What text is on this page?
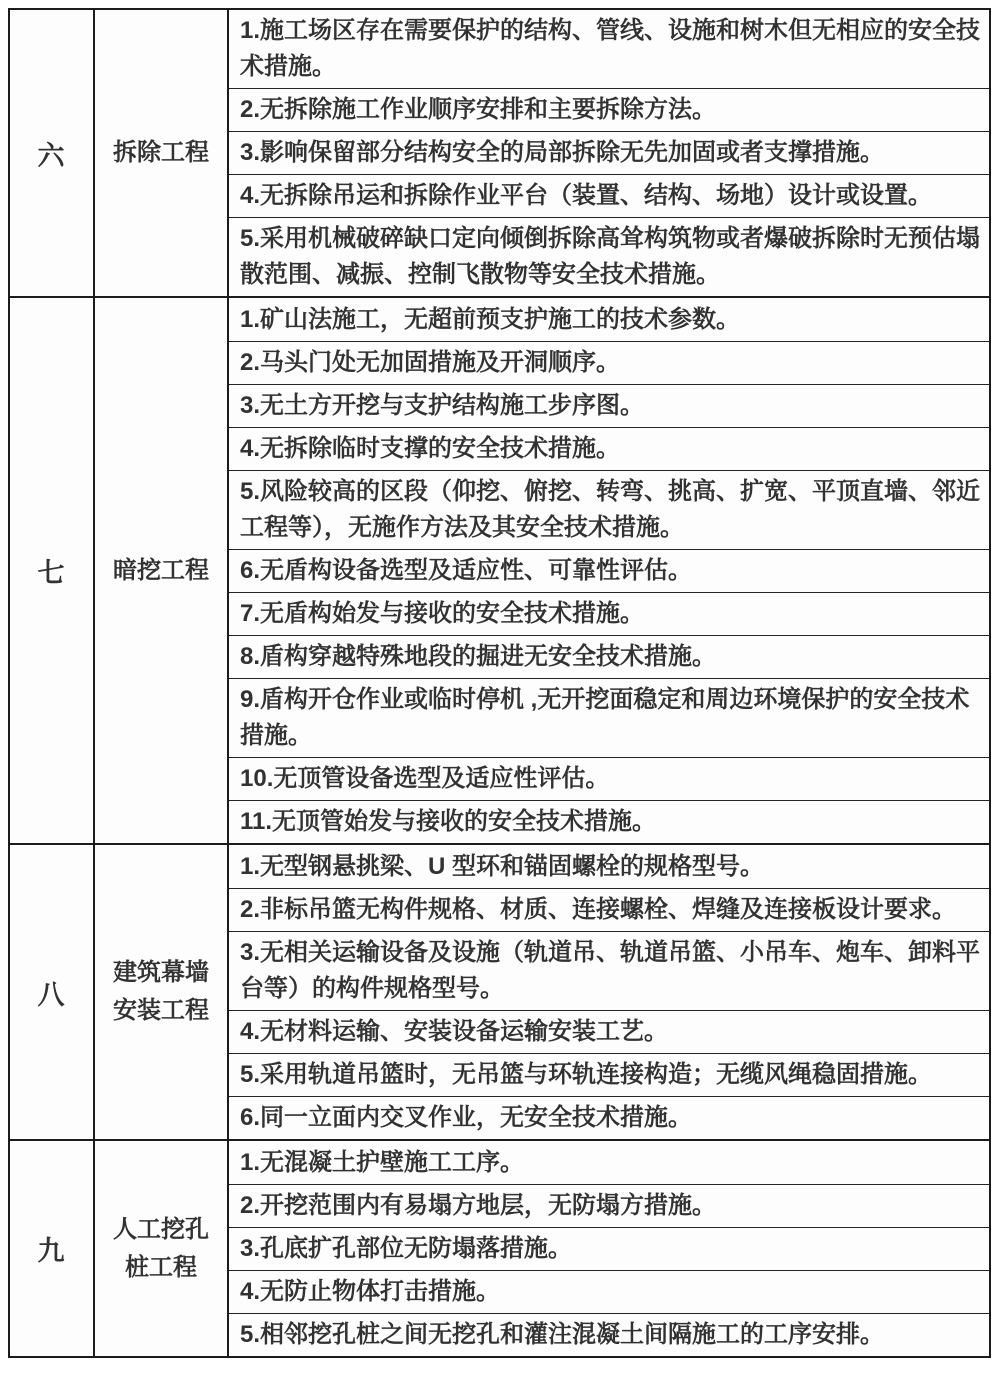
六	拆除工程
1.施工场区存在需要保护的结构、管线、设施和树木但无相应的安全技术措施。
2.无拆除施工作业顺序安排和主要拆除方法。
3.影响保留部分结构安全的局部拆除无先加固或者支撑措施。
4.无拆除吊运和拆除作业平台（装置、结构、场地）设计或设置。
5.采用机械破碎缺口定向倾倒拆除高耸构筑物或者爆破拆除时无预估塌散范围、减振、控制飞散物等安全技术措施。
七	暗挖工程
1.矿山法施工，无超前预支护施工的技术参数。
2.马头门处无加固措施及开洞顺序。
3.无土方开挖与支护结构施工步序图。
4.无拆除临时支撑的安全技术措施。
5.风险较高的区段（仰挖、俯挖、转弯、挑高、扩宽、平顶直墙、邻近工程等），无施作方法及其安全技术措施。
6.无盾构设备选型及适应性、可靠性评估。
7.无盾构始发与接收的安全技术措施。
8.盾构穿越特殊地段的掘进无安全技术措施。
9.盾构开仓作业或临时停机 ,无开挖面稳定和周边环境保护的安全技术措施。
10.无顶管设备选型及适应性评估。
11.无顶管始发与接收的安全技术措施。
八
建筑幕墙安装工程
1.无型钢悬挑梁、U 型环和锚固螺栓的规格型号。
2.非标吊篮无构件规格、材质、连接螺栓、焊缝及连接板设计要求。
3.无相关运输设备及设施（轨道吊、轨道吊篮、小吊车、炮车、卸料平台等）的构件规格型号。
4.无材料运输、安装设备运输安装工艺。
5.采用轨道吊篮时，无吊篮与环轨连接构造；无缆风绳稳固措施。
6.同一立面内交叉作业，无安全技术措施。
九
人工挖孔桩工程
1.无混凝土护壁施工工序。
2.开挖范围内有易塌方地层，无防塌方措施。
3.孔底扩孔部位无防塌落措施。
4.无防止物体打击措施。
5.相邻挖孔桩之间无挖孔和灌注混凝土间隔施工的工序安排。
